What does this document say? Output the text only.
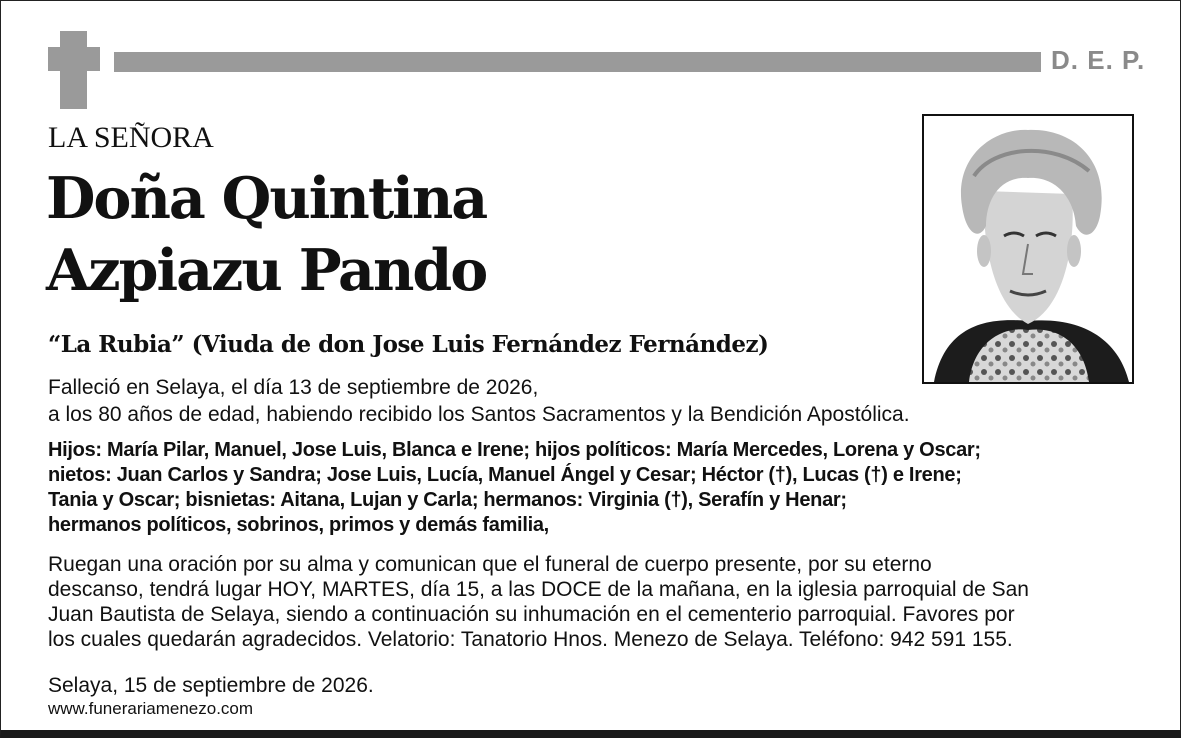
D. E. P.
LA SEÑORA
Doña Quintina
Azpiazu Pando
“La Rubia” (Viuda de don Jose Luis Fernández Fernández)
Falleció en Selaya, el día 13 de septiembre de 2026,
a los 80 años de edad, habiendo recibido los Santos Sacramentos y la Bendición Apostólica.
Hijos: María Pilar, Manuel, Jose Luis, Blanca e Irene; hijos políticos: María Mercedes, Lorena y Oscar;
nietos: Juan Carlos y Sandra; Jose Luis, Lucía, Manuel Ángel y Cesar; Héctor (†), Lucas (†) e Irene;
Tania y Oscar; bisnietas: Aitana, Lujan y Carla; hermanos: Virginia (†), Serafín y Henar;
hermanos políticos, sobrinos, primos y demás familia,
Ruegan una oración por su alma y comunican que el funeral de cuerpo presente, por su eterno
descanso, tendrá lugar HOY, MARTES, día 15, a las DOCE de la mañana, en la iglesia parroquial de San
Juan Bautista de Selaya, siendo a continuación su inhumación en el cementerio parroquial. Favores por
los cuales quedarán agradecidos. Velatorio: Tanatorio Hnos. Menezo de Selaya. Teléfono: 942 591 155.
Selaya, 15 de septiembre de 2026.
www.funerariamenezo.com
